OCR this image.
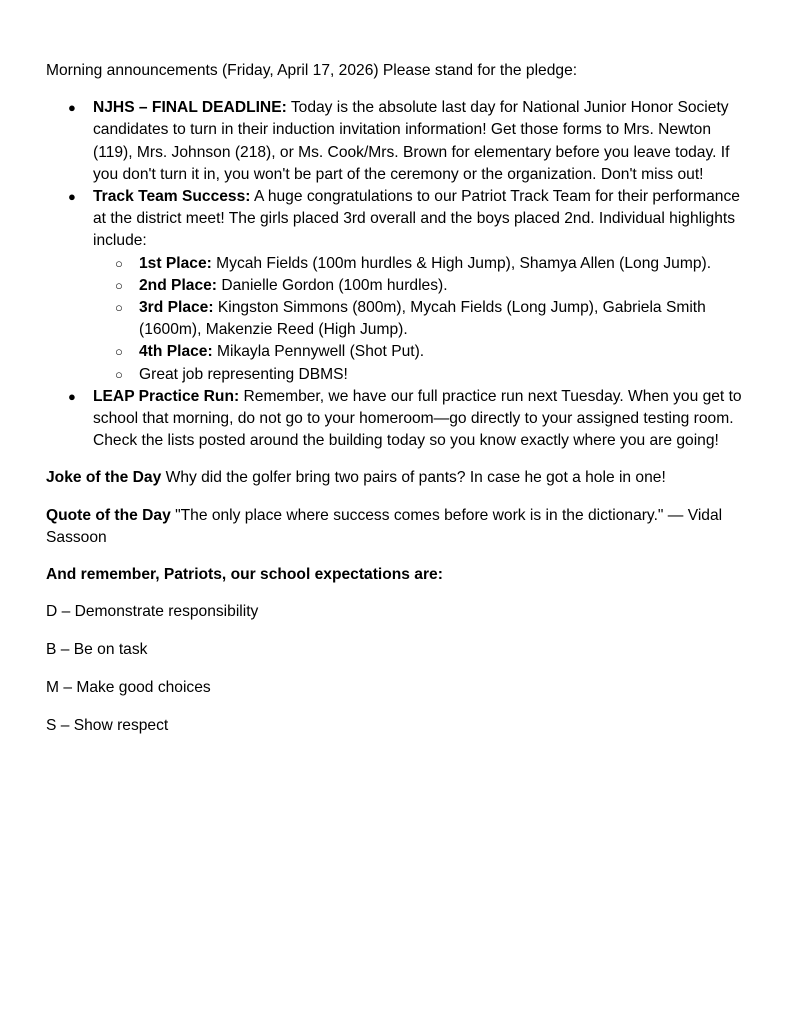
Morning announcements (Friday, April 17, 2026) Please stand for the pledge:

● NJHS – FINAL DEADLINE: Today is the absolute last day for National Junior Honor Society candidates to turn in their induction invitation information! Get those forms to Mrs. Newton (119), Mrs. Johnson (218), or Ms. Cook/Mrs. Brown for elementary before you leave today. If you don't turn it in, you won't be part of the ceremony or the organization. Don't miss out!
● Track Team Success: A huge congratulations to our Patriot Track Team for their performance at the district meet! The girls placed 3rd overall and the boys placed 2nd. Individual highlights include:
○ 1st Place: Mycah Fields (100m hurdles & High Jump), Shamya Allen (Long Jump).
○ 2nd Place: Danielle Gordon (100m hurdles).
○ 3rd Place: Kingston Simmons (800m), Mycah Fields (Long Jump), Gabriela Smith (1600m), Makenzie Reed (High Jump).
○ 4th Place: Mikayla Pennywell (Shot Put).
○ Great job representing DBMS!
● LEAP Practice Run: Remember, we have our full practice run next Tuesday. When you get to school that morning, do not go to your homeroom—go directly to your assigned testing room. Check the lists posted around the building today so you know exactly where you are going!

Joke of the Day Why did the golfer bring two pairs of pants? In case he got a hole in one!

Quote of the Day "The only place where success comes before work is in the dictionary." — Vidal Sassoon

And remember, Patriots, our school expectations are:

D – Demonstrate responsibility

B – Be on task

M – Make good choices

S – Show respect
